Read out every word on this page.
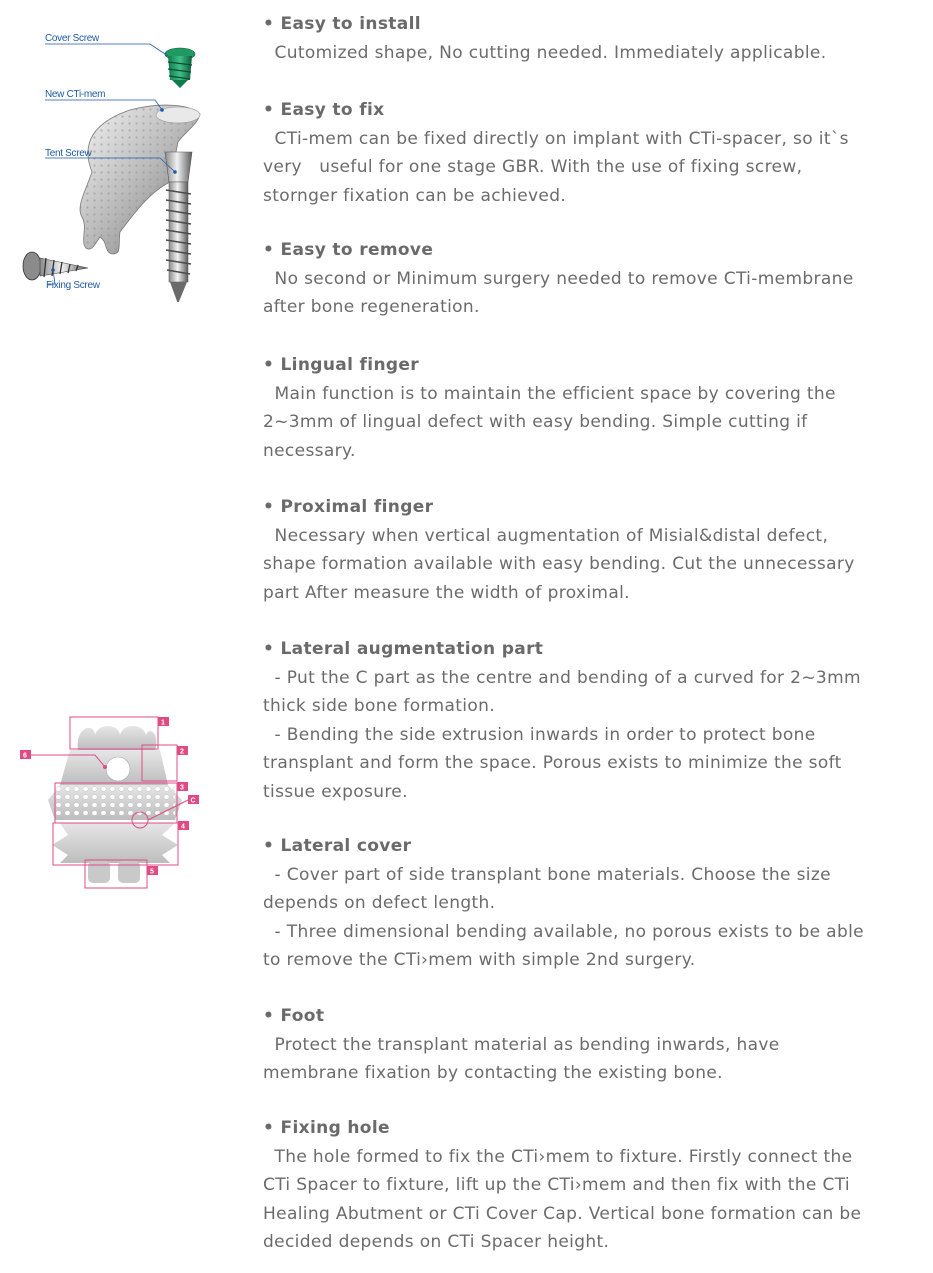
Cover Screw
New CTi-mem
Tent Screw
Fixing Screw
1
2
3
C
4
5
6
• Easy to install
Cutomized shape, No cutting needed. Immediately applicable.
• Easy to fix
CTi-mem can be fixed directly on implant with CTi-spacer, so it`s
very   useful for one stage GBR. With the use of fixing screw,
stornger fixation can be achieved.
• Easy to remove
No second or Minimum surgery needed to remove CTi-membrane
after bone regeneration.
• Lingual finger
Main function is to maintain the efficient space by covering the
2~3mm of lingual defect with easy bending. Simple cutting if
necessary.
• Proximal finger
Necessary when vertical augmentation of Misial&distal defect,
shape formation available with easy bending. Cut the unnecessary
part After measure the width of proximal.
• Lateral augmentation part
- Put the C part as the centre and bending of a curved for 2~3mm
thick side bone formation.
- Bending the side extrusion inwards in order to protect bone
transplant and form the space. Porous exists to minimize the soft
tissue exposure.
• Lateral cover
- Cover part of side transplant bone materials. Choose the size
depends on defect length.
- Three dimensional bending available, no porous exists to be able
to remove the CTi›mem with simple 2nd surgery.
• Foot
Protect the transplant material as bending inwards, have
membrane fixation by contacting the existing bone.
• Fixing hole
The hole formed to fix the CTi›mem to fixture. Firstly connect the
CTi Spacer to fixture, lift up the CTi›mem and then fix with the CTi
Healing Abutment or CTi Cover Cap. Vertical bone formation can be
decided depends on CTi Spacer height.
